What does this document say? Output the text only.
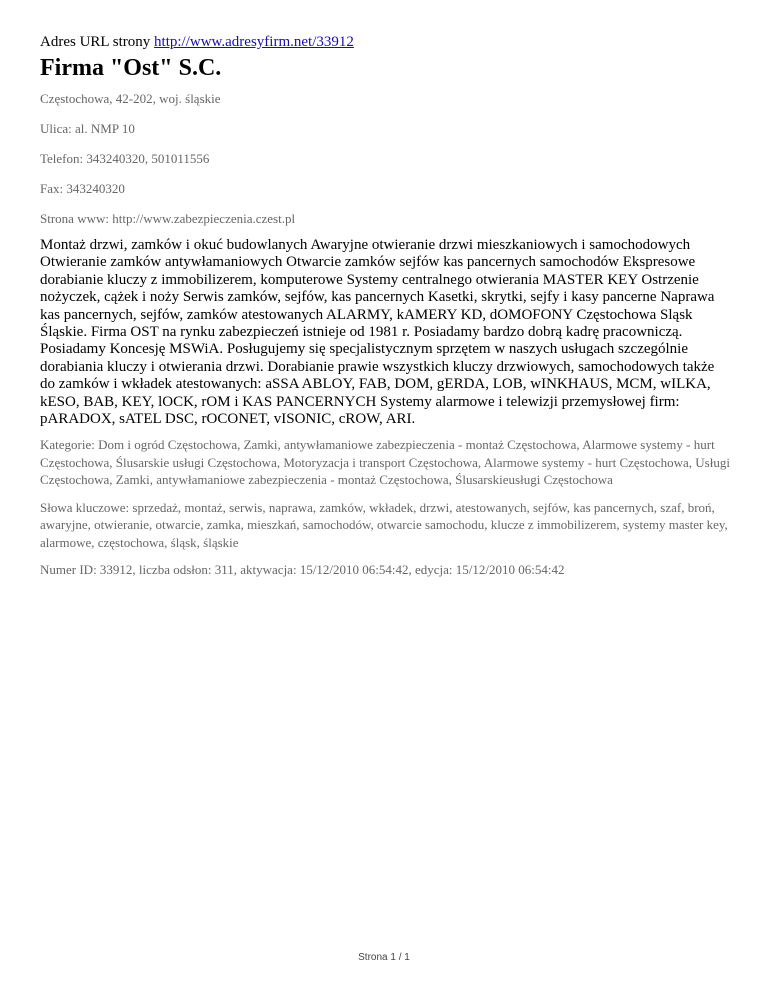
Adres URL strony http://www.adresyfirm.net/33912
Firma "Ost" S.C.
Częstochowa, 42-202, woj. śląskie
Ulica: al. NMP 10
Telefon: 343240320, 501011556
Fax: 343240320
Strona www: http://www.zabezpieczenia.czest.pl
Montaż drzwi, zamków i okuć budowlanych Awaryjne otwieranie drzwi mieszkaniowych i samochodowych Otwieranie zamków antywłamaniowych Otwarcie zamków sejfów kas pancernych samochodów Ekspresowe dorabianie kluczy z immobilizerem, komputerowe Systemy centralnego otwierania MASTER KEY Ostrzenie nożyczek, cążek i noży Serwis zamków, sejfów, kas pancernych Kasetki, skrytki, sejfy i kasy pancerne Naprawa kas pancernych, sejfów, zamków atestowanych ALARMY, kAMERY KD, dOMOFONY Częstochowa Sląsk Śląskie. Firma OST na rynku zabezpieczeń istnieje od 1981 r. Posiadamy bardzo dobrą kadrę pracowniczą. Posiadamy Koncesję MSWiA. Posługujemy się specjalistycznym sprzętem w naszych usługach szczególnie dorabiania kluczy i otwierania drzwi. Dorabianie prawie wszystkich kluczy drzwiowych, samochodowych także do zamków i wkładek atestowanych: aSSA ABLOY, FAB, DOM, gERDA, LOB, wINKHAUS, MCM, wILKA, kESO, BAB, KEY, lOCK, rOM i KAS PANCERNYCH Systemy alarmowe i telewizji przemysłowej firm: pARADOX, sATEL DSC, rOCONET, vISONIC, cROW, ARI.
Kategorie: Dom i ogród Częstochowa, Zamki, antywłamaniowe zabezpieczenia - montaż Częstochowa, Alarmowe systemy - hurt Częstochowa, Ślusarskie usługi Częstochowa, Motoryzacja i transport Częstochowa, Alarmowe systemy - hurt Częstochowa, Usługi Częstochowa, Zamki, antywłamaniowe zabezpieczenia - montaż Częstochowa, Ślusarskieusługi Częstochowa
Słowa kluczowe: sprzedaż, montaż, serwis, naprawa, zamków, wkładek, drzwi, atestowanych, sejfów, kas pancernych, szaf, broń, awaryjne, otwieranie, otwarcie, zamka, mieszkań, samochodów, otwarcie samochodu, klucze z immobilizerem, systemy master key, alarmowe, częstochowa, śląsk, śląskie
Numer ID: 33912, liczba odsłon: 311, aktywacja: 15/12/2010 06:54:42, edycja: 15/12/2010 06:54:42
Strona 1 / 1
